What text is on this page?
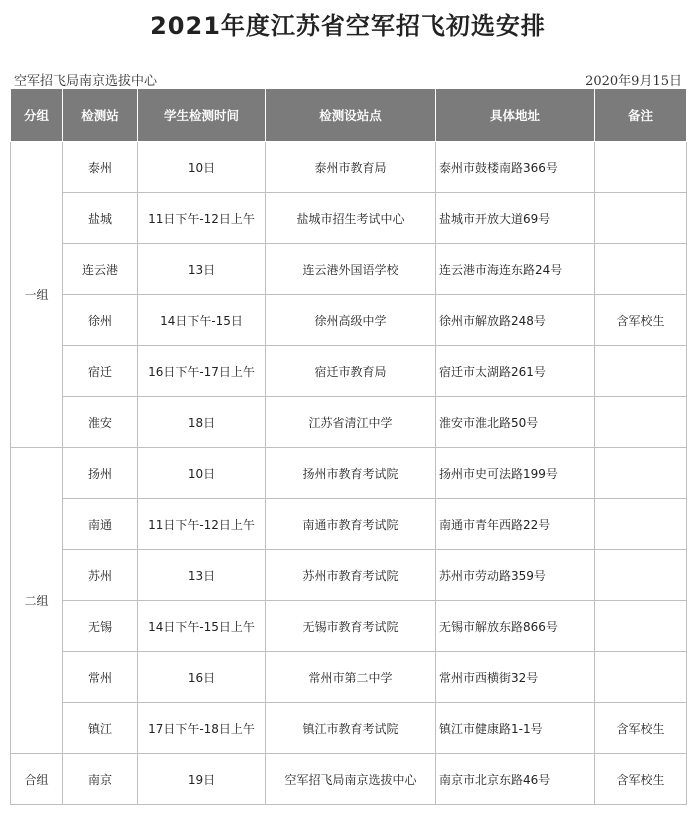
2021年度江苏省空军招飞初选安排
空军招飞局南京选拔中心	2020年9月15日
分组	检测站	学生检测时间	检测设站点	具体地址	备注
一组	泰州	10日	泰州市教育局	泰州市鼓楼南路366号	
	盐城	11日下午-12日上午	盐城市招生考试中心	盐城市开放大道69号	
	连云港	13日	连云港外国语学校	连云港市海连东路24号	
	徐州	14日下午-15日	徐州高级中学	徐州市解放路248号	含军校生
	宿迁	16日下午-17日上午	宿迁市教育局	宿迁市太湖路261号	
	淮安	18日	江苏省清江中学	淮安市淮北路50号	
二组	扬州	10日	扬州市教育考试院	扬州市史可法路199号	
	南通	11日下午-12日上午	南通市教育考试院	南通市青年西路22号	
	苏州	13日	苏州市教育考试院	苏州市劳动路359号	
	无锡	14日下午-15日上午	无锡市教育考试院	无锡市解放东路866号	
	常州	16日	常州市第二中学	常州市西横街32号	
	镇江	17日下午-18日上午	镇江市教育考试院	镇江市健康路1-1号	含军校生
合组	南京	19日	空军招飞局南京选拔中心	南京市北京东路46号	含军校生
